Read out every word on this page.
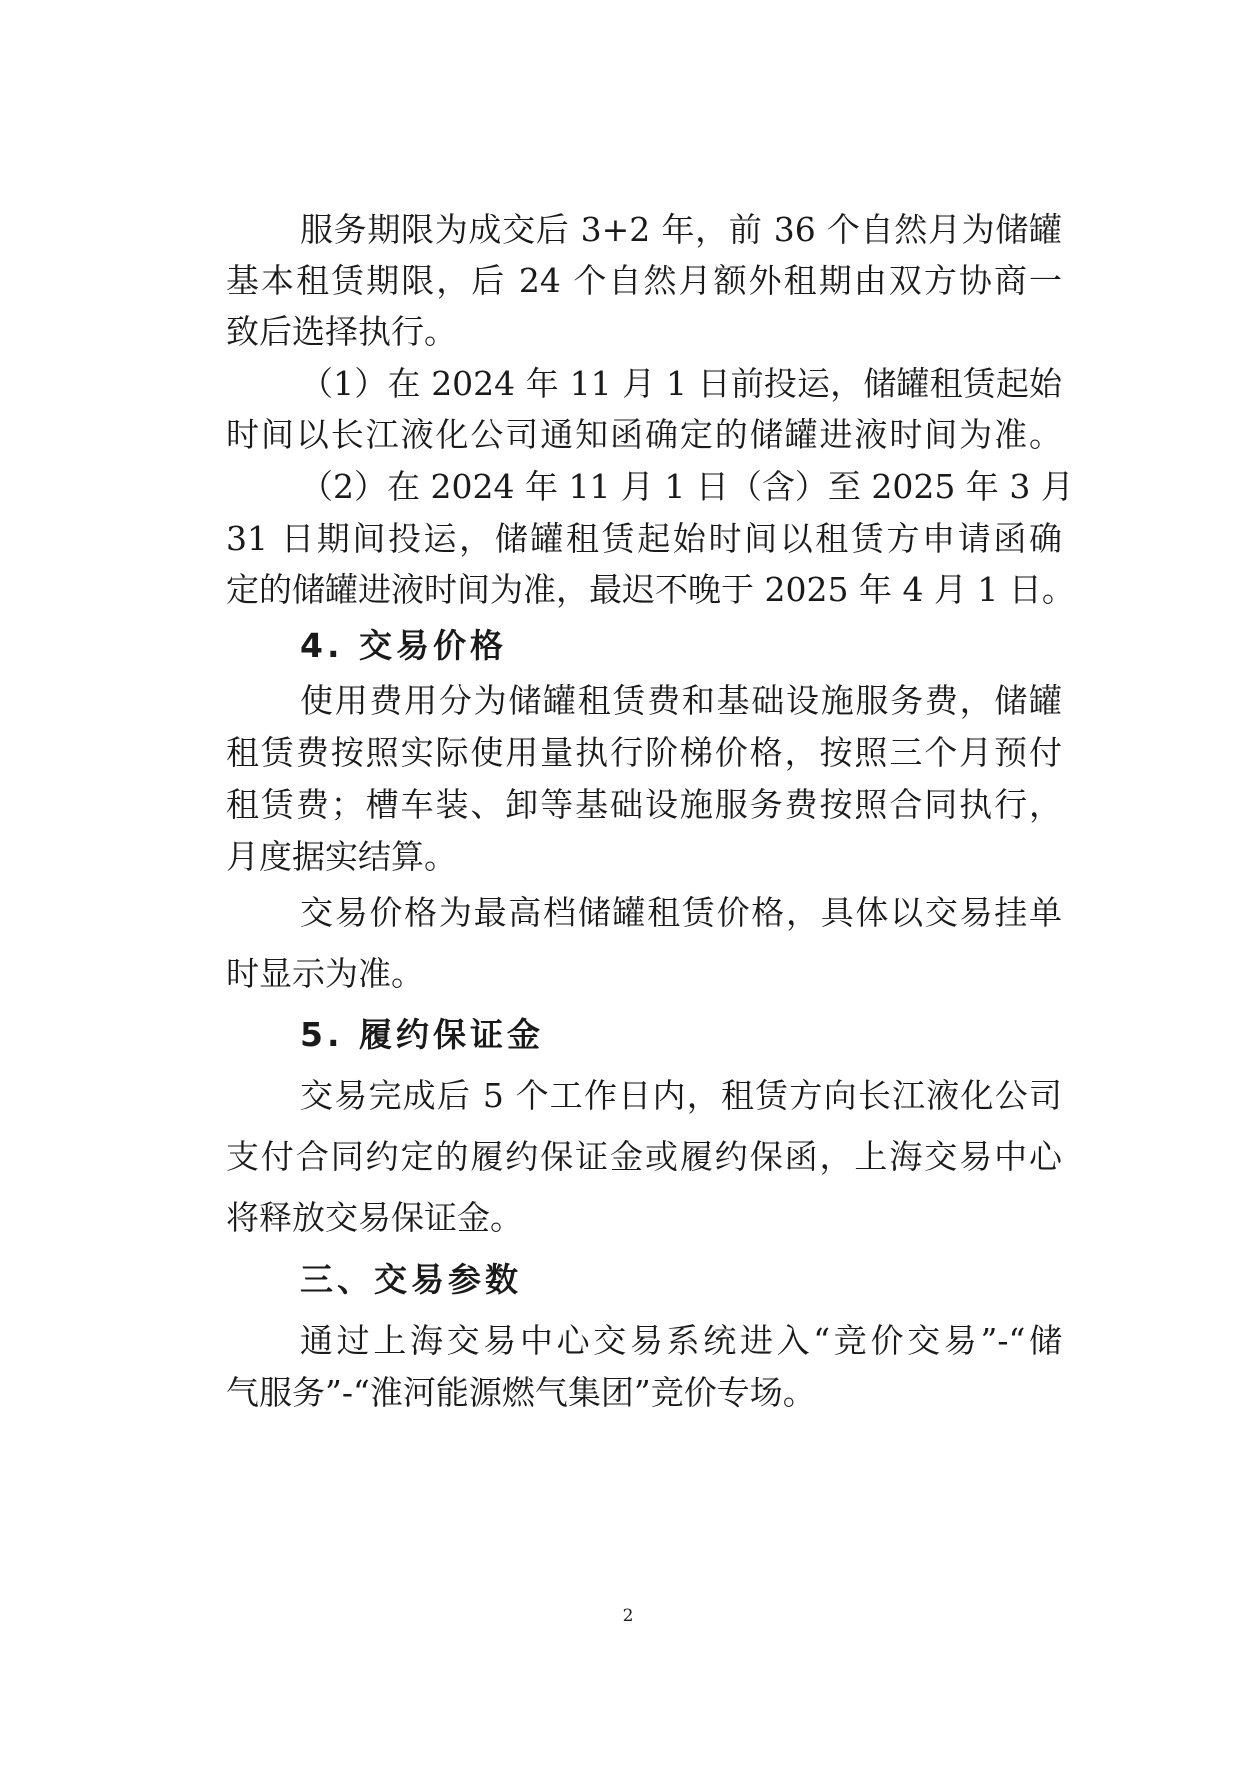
服务期限为成交后 3+2 年，前 36 个自然月为储罐
基本租赁期限，后 24 个自然月额外租期由双方协商一
致后选择执行。
（1）在 2024 年 11 月 1 日前投运，储罐租赁起始
时间以长江液化公司通知函确定的储罐进液时间为准。
（2）在 2024 年 11 月 1 日（含）至 2025 年 3 月
31 日期间投运，储罐租赁起始时间以租赁方申请函确
定的储罐进液时间为准，最迟不晚于 2025 年 4 月 1 日。
4. 交易价格
使用费用分为储罐租赁费和基础设施服务费，储罐
租赁费按照实际使用量执行阶梯价格，按照三个月预付
租赁费；槽车装、卸等基础设施服务费按照合同执行，
月度据实结算。
交易价格为最高档储罐租赁价格，具体以交易挂单
时显示为准。
5. 履约保证金
交易完成后 5 个工作日内，租赁方向长江液化公司
支付合同约定的履约保证金或履约保函，上海交易中心
将释放交易保证金。
三、交易参数
通过上海交易中心交易系统进入“竞价交易”-“储
气服务”-“淮河能源燃气集团”竞价专场。
2
